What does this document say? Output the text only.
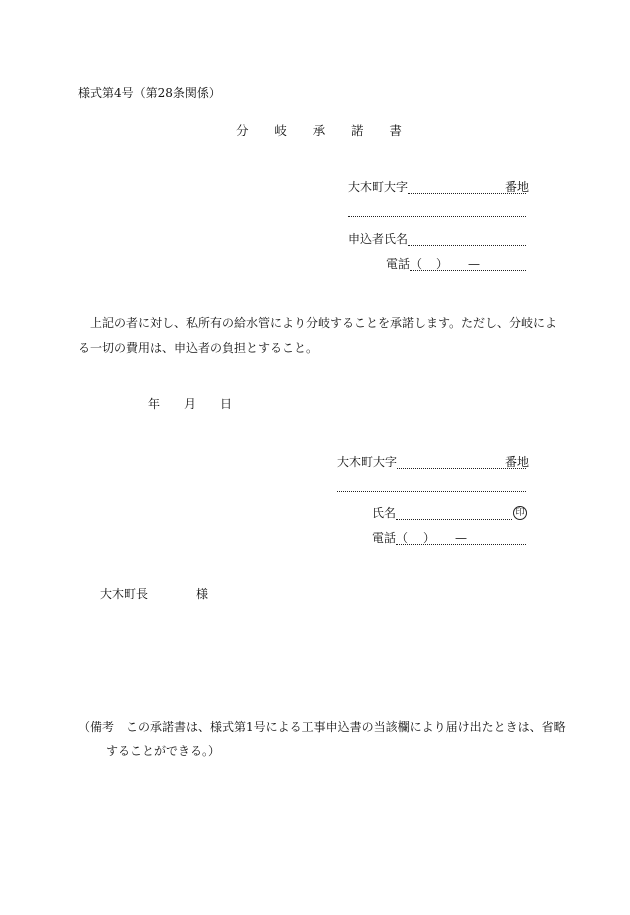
様式第4号（第28条関係）
分 岐 承 諾 書
大木町大字	番地
申込者氏名
電話（ ） —
上記の者に対し、私所有の給水管により分岐することを承諾します。ただし、分岐によ
る一切の費用は、申込者の負担とすること。
年 月 日
大木町大字	番地
氏名	印
電話（ ） —
大木町長	様
（備考　この承諾書は、様式第1号による工事申込書の当該欄により届け出たときは、省略
することができる。）
